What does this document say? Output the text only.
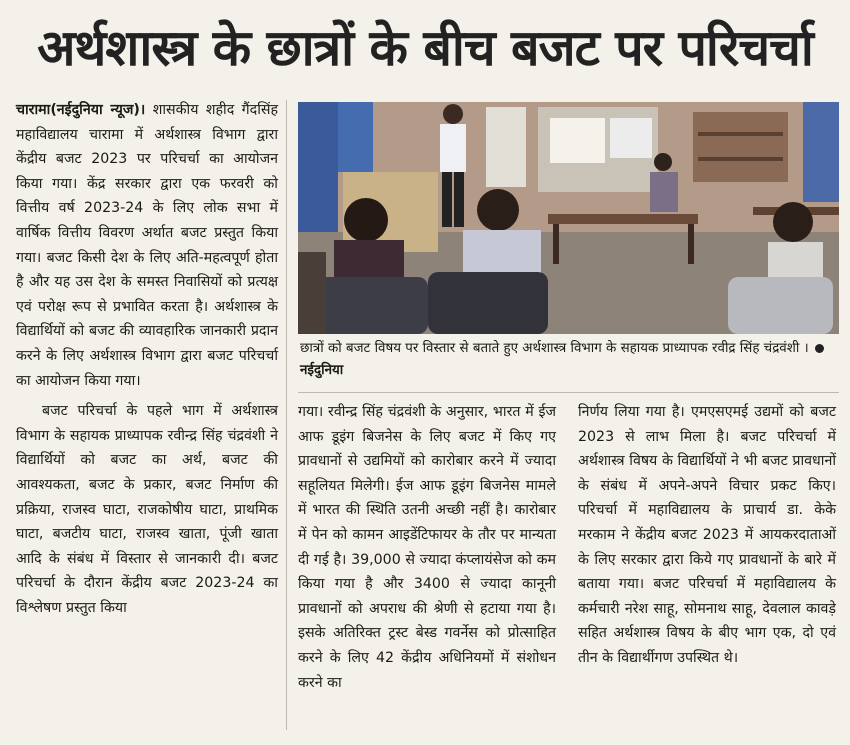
अर्थशास्त्र के छात्रों के बीच बजट पर परिचर्चा

चारामा(नईदुनिया न्यूज)। शासकीय शहीद गैंदसिंह महाविद्यालय चारामा में अर्थशास्त्र विभाग द्वारा केंद्रीय बजट 2023 पर परिचर्चा का आयोजन किया गया। केंद्र सरकार द्वारा एक फरवरी को वित्तीय वर्ष 2023-24 के लिए लोक सभा में वार्षिक वित्तीय विवरण अर्थात बजट प्रस्तुत किया गया। बजट किसी देश के लिए अति-महत्वपूर्ण होता है और यह उस देश के समस्त निवासियों को प्रत्यक्ष एवं परोक्ष रूप से प्रभावित करता है। अर्थशास्त्र के विद्यार्थियों को बजट की व्यावहारिक जानकारी प्रदान करने के लिए अर्थशास्त्र विभाग द्वारा बजट परिचर्चा का आयोजन किया गया।

बजट परिचर्चा के पहले भाग में अर्थशास्त्र विभाग के सहायक प्राध्यापक रवीन्द्र सिंह चंद्रवंशी ने विद्यार्थियों को बजट का अर्थ, बजट की आवश्यकता, बजट के प्रकार, बजट निर्माण की प्रक्रिया, राजस्व घाटा, राजकोषीय घाटा, प्राथमिक घाटा, बजटीय घाटा, राजस्व खाता, पूंजी खाता आदि के संबंध में विस्तार से जानकारी दी। बजट परिचर्चा के दौरान केंद्रीय बजट 2023-24 का विश्लेषण प्रस्तुत किया

छात्रों को बजट विषय पर विस्तार से बताते हुए अर्थशास्त्र विभाग के सहायक प्राध्यापक रवीद्र सिंह चंद्रवंशी । नईदुनिया

गया। रवीन्द्र सिंह चंद्रवंशी के अनुसार, भारत में ईज आफ डूइंग बिजनेस के लिए बजट में किए गए प्रावधानों से उद्यमियों को कारोबार करने में ज्यादा सहूलियत मिलेगी। ईज आफ डूइंग बिजनेस मामले में भारत की स्थिति उतनी अच्छी नहीं है। कारोबार में पेन को कामन आइडेंटिफायर के तौर पर मान्यता दी गई है। 39,000 से ज्यादा कंप्लायंसेज को कम किया गया है और 3400 से ज्यादा कानूनी प्रावधानों को अपराध की श्रेणी से हटाया गया है। इसके अतिरिक्त ट्रस्ट बेस्ड गवर्नेस को प्रोत्साहित करने के लिए 42 केंद्रीय अधिनियमों में संशोधन करने का

निर्णय लिया गया है। एमएसएमई उद्यमों को बजट 2023 से लाभ मिला है। बजट परिचर्चा में अर्थशास्त्र विषय के विद्यार्थियों ने भी बजट प्रावधानों के संबंध में अपने-अपने विचार प्रकट किए। परिचर्चा में महाविद्यालय के प्राचार्य डा. केके मरकाम ने केंद्रीय बजट 2023 में आयकरदाताओं के लिए सरकार द्वारा किये गए प्रावधानों के बारे में बताया गया। बजट परिचर्चा में महाविद्यालय के कर्मचारी नरेश साहू, सोमनाथ साहू, देवलाल कावड़े सहित अर्थशास्त्र विषय के बीए भाग एक, दो एवं तीन के विद्यार्थीगण उपस्थित थे।
